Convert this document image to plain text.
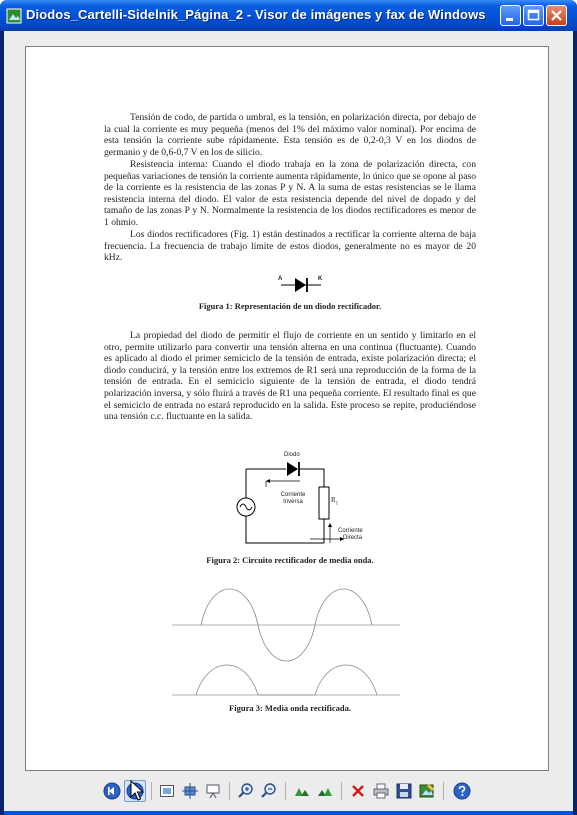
Diodos_Cartelli-Sidelnik_Página_2 - Visor de imágenes y fax de Windows

Tensión de codo, de partida o umbral, es la tensión, en polarización directa, por debajo de la cual la corriente es muy pequeña (menos del 1% del máximo valor nominal). Por encima de esta tensión la corriente sube rápidamente. Esta tensión es de 0,2-0,3 V en los diodos de germanio y de 0,6-0,7 V en los de silicio.

Resistencia interna: Cuando el diodo trabaja en la zona de polarización directa, con pequeñas variaciones de tensión la corriente aumenta rápidamente, lo único que se opone al paso de la corriente es la resistencia de las zonas P y N. A la suma de estas resistencias se le llama resistencia interna del diodo. El valor de esta resistencia depende del nivel de dopado y del tamaño de las zonas P y N. Normalmente la resistencia de los diodos rectificadores es menor de 1 ohmio.

Los diodos rectificadores (Fig. 1) están destinados a rectificar la corriente alterna de baja frecuencia. La frecuencia de trabajo límite de estos diodos, generalmente no es mayor de 20 kHz.

A	K
Figura 1: Representación de un diodo rectificador.

La propiedad del diodo de permitir el flujo de corriente en un sentido y limitarlo en el otro, permite utilizarlo para convertir una tensión alterna en una continua (fluctuante). Cuando es aplicado al diodo el primer semiciclo de la tensión de entrada, existe polarización directa; el diodo conducirá, y la tensión entre los extremos de R1 será una reproducción de la forma de la tensión de entrada. En el semiciclo siguiente de la tensión de entrada, el diodo tendrá polarización inversa, y sólo fluirá a través de R1 una pequeña corriente. El resultado final es que el semiciclo de entrada no estará reproducido en la salida. Este proceso se repite, produciéndose una tensión c.c. fluctuante en la salida.

Diodo
Corriente
Inversa	$R_1$
Corriente
Directa
Figura 2: Circuito rectificador de media onda.
Figura 3: Media onda rectificada.
